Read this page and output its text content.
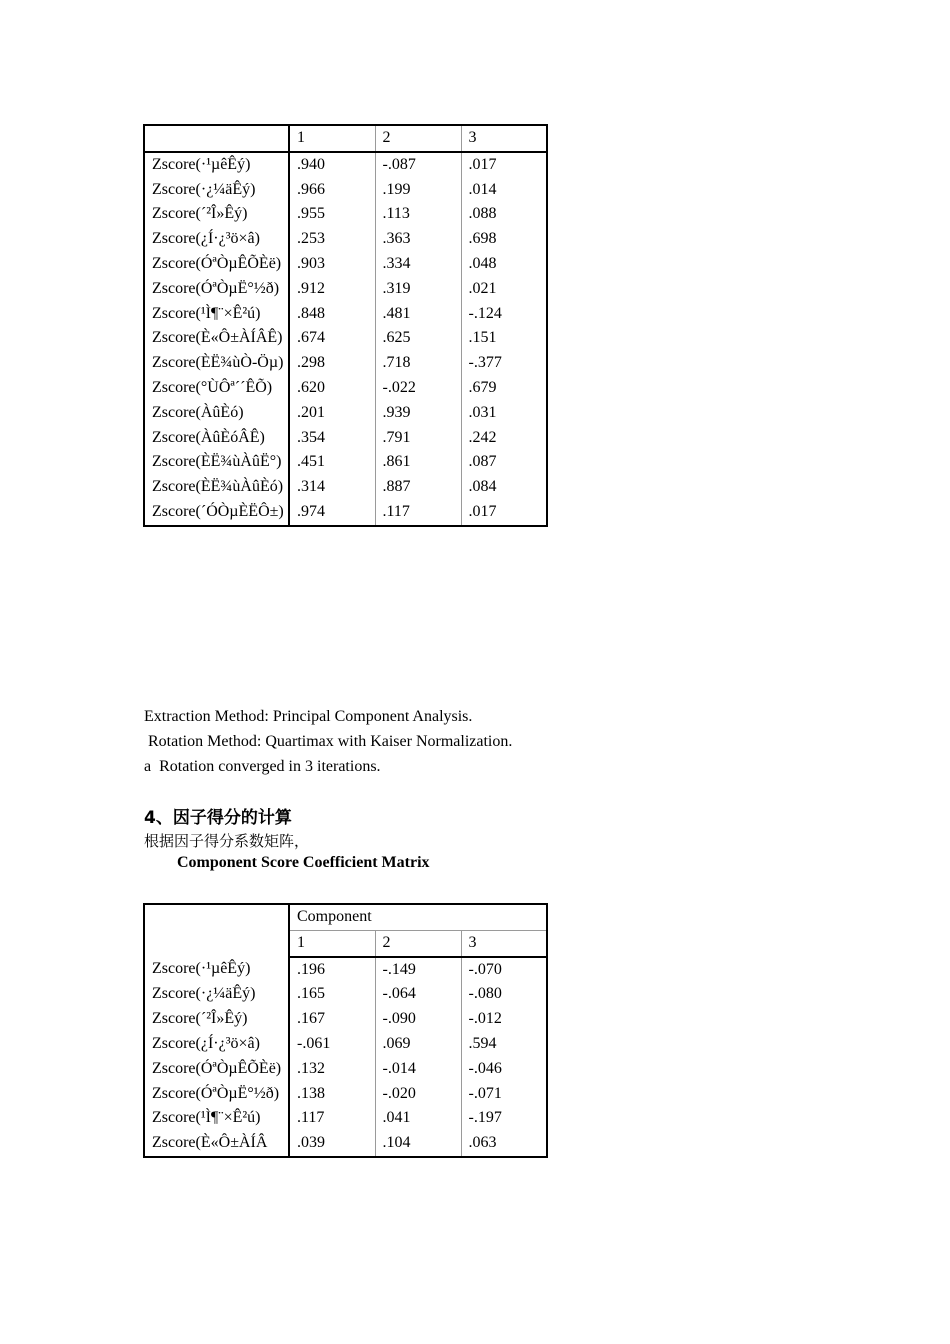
	1	2	3
Zscore(·¹µêÊý)	.940	-.087	.017
Zscore(·¿¼äÊý)	.966	.199	.014
Zscore(´²Î»Êý)	.955	.113	.088
Zscore(¿Í·¿³ö×â)	.253	.363	.698
Zscore(ÓªÒµÊÕÈë)	.903	.334	.048
Zscore(ÓªÒµË°½ð)	.912	.319	.021
Zscore(¹Ì¶¨×Ê²ú)	.848	.481	-.124
Zscore(È«Ô±ÀÍÂÊ)	.674	.625	.151
Zscore(ÈË¾ùÒ-Öµ)	.298	.718	-.377
Zscore(°ÙÔª´´ÊÕ)	.620	-.022	.679
Zscore(ÀûÈó)	.201	.939	.031
Zscore(ÀûÈóÂÊ)	.354	.791	.242
Zscore(ÈË¾ùÀûË°)	.451	.861	.087
Zscore(ÈË¾ùÀûÈó)	.314	.887	.084
Zscore(´ÓÒµÈËÔ±)	.974	.117	.017
Extraction Method: Principal Component Analysis.
Rotation Method: Quartimax with Kaiser Normalization.
a  Rotation converged in 3 iterations.
4、因子得分的计算
根据因子得分系数矩阵，
Component Score Coefficient Matrix
	Component		
	1	2	3
Zscore(·¹µêÊý)	.196	-.149	-.070
Zscore(·¿¼äÊý)	.165	-.064	-.080
Zscore(´²Î»Êý)	.167	-.090	-.012
Zscore(¿Í·¿³ö×â)	-.061	.069	.594
Zscore(ÓªÒµÊÕÈë)	.132	-.014	-.046
Zscore(ÓªÒµË°½ð)	.138	-.020	-.071
Zscore(¹Ì¶¨×Ê²ú)	.117	.041	-.197
Zscore(È«Ô±ÀÍÂ	.039	.104	.063
